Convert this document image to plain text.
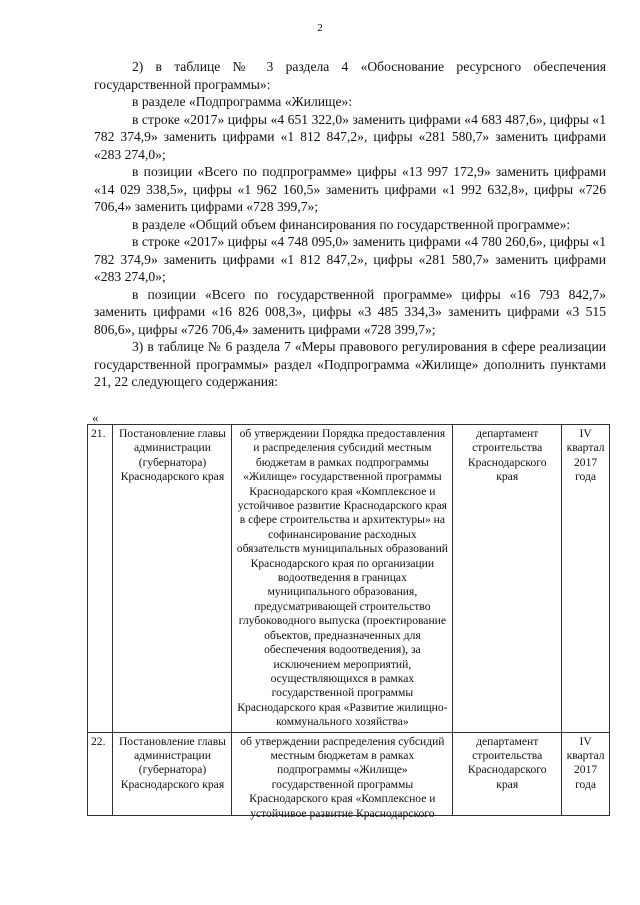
2

2) в таблице № 3 раздела 4 «Обоснование ресурсного обеспечения государственной программы»:

в разделе «Подпрограмма «Жилище»:

в строке «2017» цифры «4 651 322,0» заменить цифрами «4 683 487,6», цифры «1 782 374,9» заменить цифрами «1 812 847,2», цифры «281 580,7» заменить цифрами «283 274,0»;

в позиции «Всего по подпрограмме» цифры «13 997 172,9» заменить цифрами «14 029 338,5», цифры «1 962 160,5» заменить цифрами «1 992 632,8», цифры «726 706,4» заменить цифрами «728 399,7»;

в разделе «Общий объем финансирования по государственной программе»:

в строке «2017» цифры «4 748 095,0» заменить цифрами «4 780 260,6», цифры «1 782 374,9» заменить цифрами «1 812 847,2», цифры «281 580,7» заменить цифрами «283 274,0»;

в позиции «Всего по государственной программе» цифры «16 793 842,7» заменить цифрами «16 826 008,3», цифры «3 485 334,3» заменить цифрами «3 515 806,6», цифры «726 706,4» заменить цифрами «728 399,7»;

3) в таблице № 6 раздела 7 «Меры правового регулирования в сфере реализации государственной программы» раздел «Подпрограмма «Жилище» дополнить пунктами 21, 22 следующего содержания:

«
21.	Постановление главы администрации (губернатора) Краснодарского края	об утверждении Порядка предоставления и распределения субсидий местным бюджетам в рамках подпрограммы «Жилище» государственной программы Краснодарского края «Комплексное и устойчивое развитие Краснодарского края в сфере строительства и архитектуры» на софинансирование расходных обязательств муниципальных образований Краснодарского края по организации водоотведения в границах муниципального образования, предусматривающей строительство глубоководного выпуска (проектирование объектов, предназначенных для обеспечения водоотведения), за исключением мероприятий, осуществляющихся в рамках государственной программы Краснодарского края «Развитие жилищно-коммунального хозяйства»	департамент строительства Краснодарского края	IV квартал 2017 года
22.	Постановление главы администрации (губернатора) Краснодарского края	об утверждении распределения субсидий местным бюджетам в рамках подпрограммы «Жилище» государственной программы Краснодарского края «Комплексное и устойчивое развитие Краснодарского	департамент строительства Краснодарского края	IV квартал 2017 года
